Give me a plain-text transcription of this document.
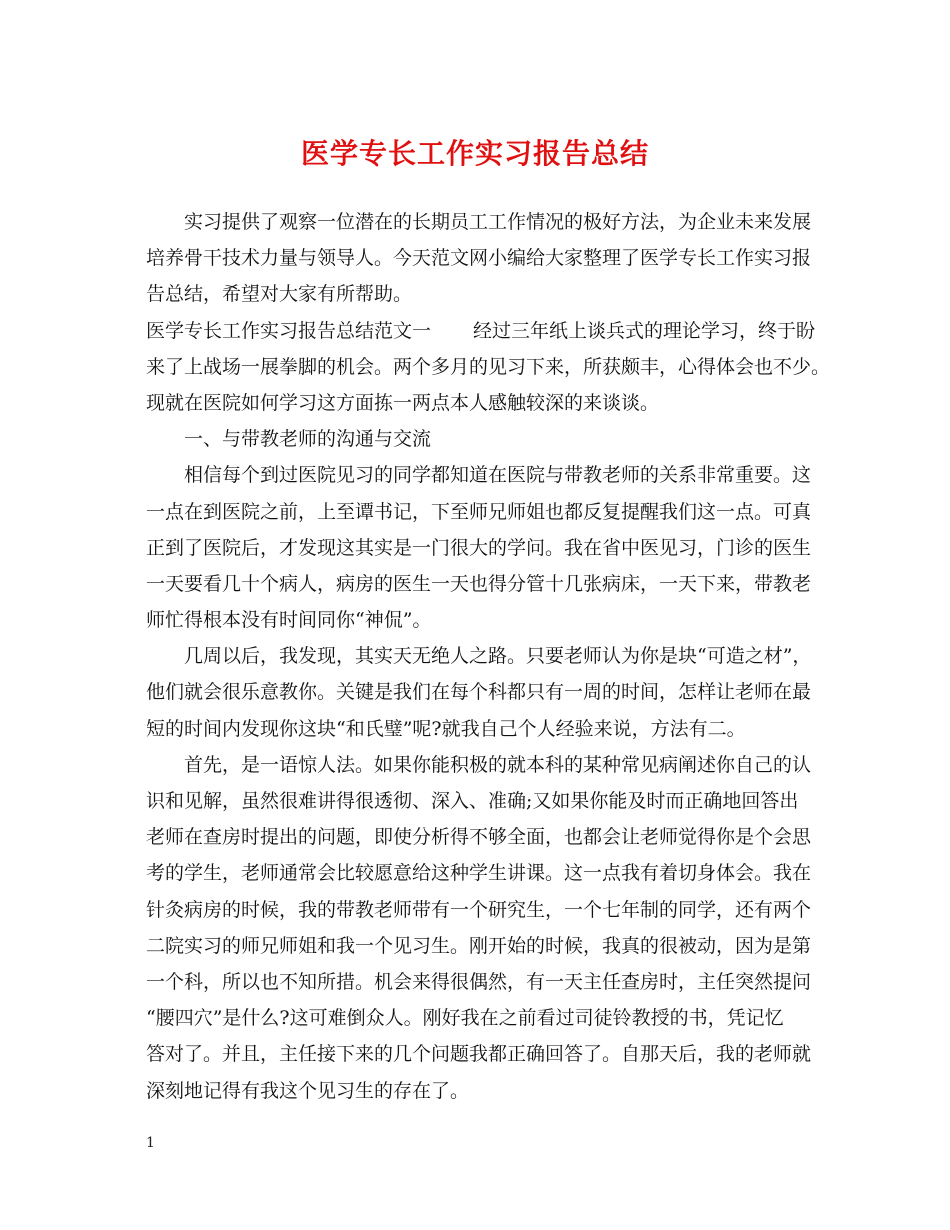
医学专长工作实习报告总结
实习提供了观察一位潜在的长期员工工作情况的极好方法，为企业未来发展
培养骨干技术力量与领导人。今天范文网小编给大家整理了医学专长工作实习报
告总结，希望对大家有所帮助。
医学专长工作实习报告总结范文一 经过三年纸上谈兵式的理论学习，终于盼
来了上战场一展拳脚的机会。两个多月的见习下来，所获颇丰，心得体会也不少。
现就在医院如何学习这方面拣一两点本人感触较深的来谈谈。
一、与带教老师的沟通与交流
相信每个到过医院见习的同学都知道在医院与带教老师的关系非常重要。这
一点在到医院之前，上至谭书记，下至师兄师姐也都反复提醒我们这一点。可真
正到了医院后，才发现这其实是一门很大的学问。我在省中医见习，门诊的医生
一天要看几十个病人，病房的医生一天也得分管十几张病床，一天下来，带教老
师忙得根本没有时间同你“神侃”。
几周以后，我发现，其实天无绝人之路。只要老师认为你是块“可造之材”，
他们就会很乐意教你。关键是我们在每个科都只有一周的时间，怎样让老师在最
短的时间内发现你这块“和氏璧”呢?就我自己个人经验来说，方法有二。
首先，是一语惊人法。如果你能积极的就本科的某种常见病阐述你自己的认
识和见解，虽然很难讲得很透彻、深入、准确;又如果你能及时而正确地回答出
老师在查房时提出的问题，即使分析得不够全面，也都会让老师觉得你是个会思
考的学生，老师通常会比较愿意给这种学生讲课。这一点我有着切身体会。我在
针灸病房的时候，我的带教老师带有一个研究生，一个七年制的同学，还有两个
二院实习的师兄师姐和我一个见习生。刚开始的时候，我真的很被动，因为是第
一个科，所以也不知所措。机会来得很偶然，有一天主任查房时，主任突然提问
“腰四穴”是什么?这可难倒众人。刚好我在之前看过司徒铃教授的书，凭记忆
答对了。并且，主任接下来的几个问题我都正确回答了。自那天后，我的老师就
深刻地记得有我这个见习生的存在了。
1
